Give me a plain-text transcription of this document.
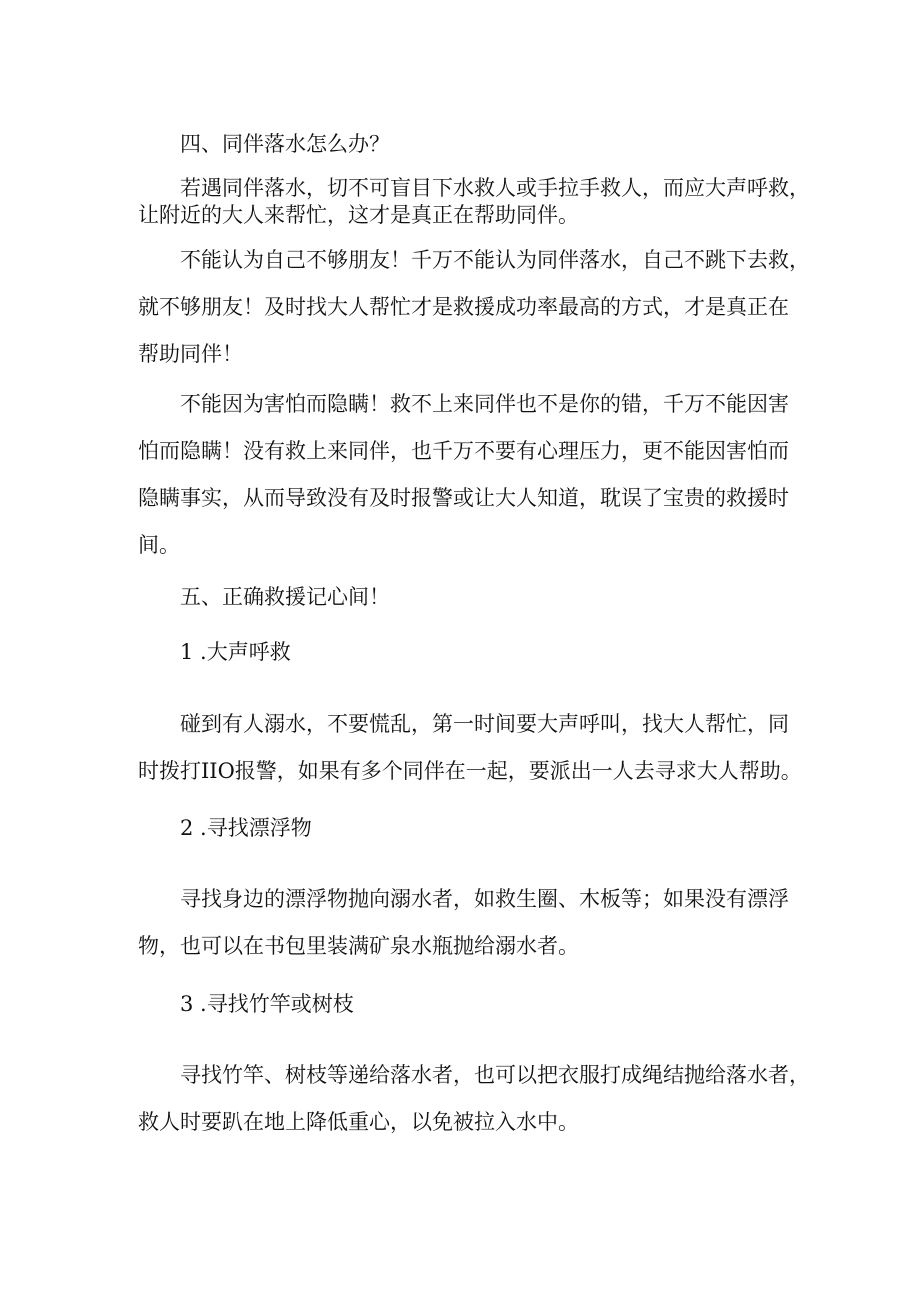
四、同伴落水怎么办？
若遇同伴落水，切不可盲目下水救人或手拉手救人，而应大声呼救，
让附近的大人来帮忙，这才是真正在帮助同伴。
不能认为自己不够朋友！千万不能认为同伴落水，自己不跳下去救，
就不够朋友！及时找大人帮忙才是救援成功率最高的方式，才是真正在
帮助同伴！
不能因为害怕而隐瞒！救不上来同伴也不是你的错，千万不能因害
怕而隐瞒！没有救上来同伴，也千万不要有心理压力，更不能因害怕而
隐瞒事实，从而导致没有及时报警或让大人知道，耽误了宝贵的救援时
间。
五、正确救援记心间！
1 .大声呼救
碰到有人溺水，不要慌乱，第一时间要大声呼叫，找大人帮忙，同
时拨打IIO报警，如果有多个同伴在一起，要派出一人去寻求大人帮助。
2 .寻找漂浮物
寻找身边的漂浮物抛向溺水者，如救生圈、木板等；如果没有漂浮
物，也可以在书包里装满矿泉水瓶抛给溺水者。
3 .寻找竹竿或树枝
寻找竹竿、树枝等递给落水者，也可以把衣服打成绳结抛给落水者，
救人时要趴在地上降低重心，以免被拉入水中。
